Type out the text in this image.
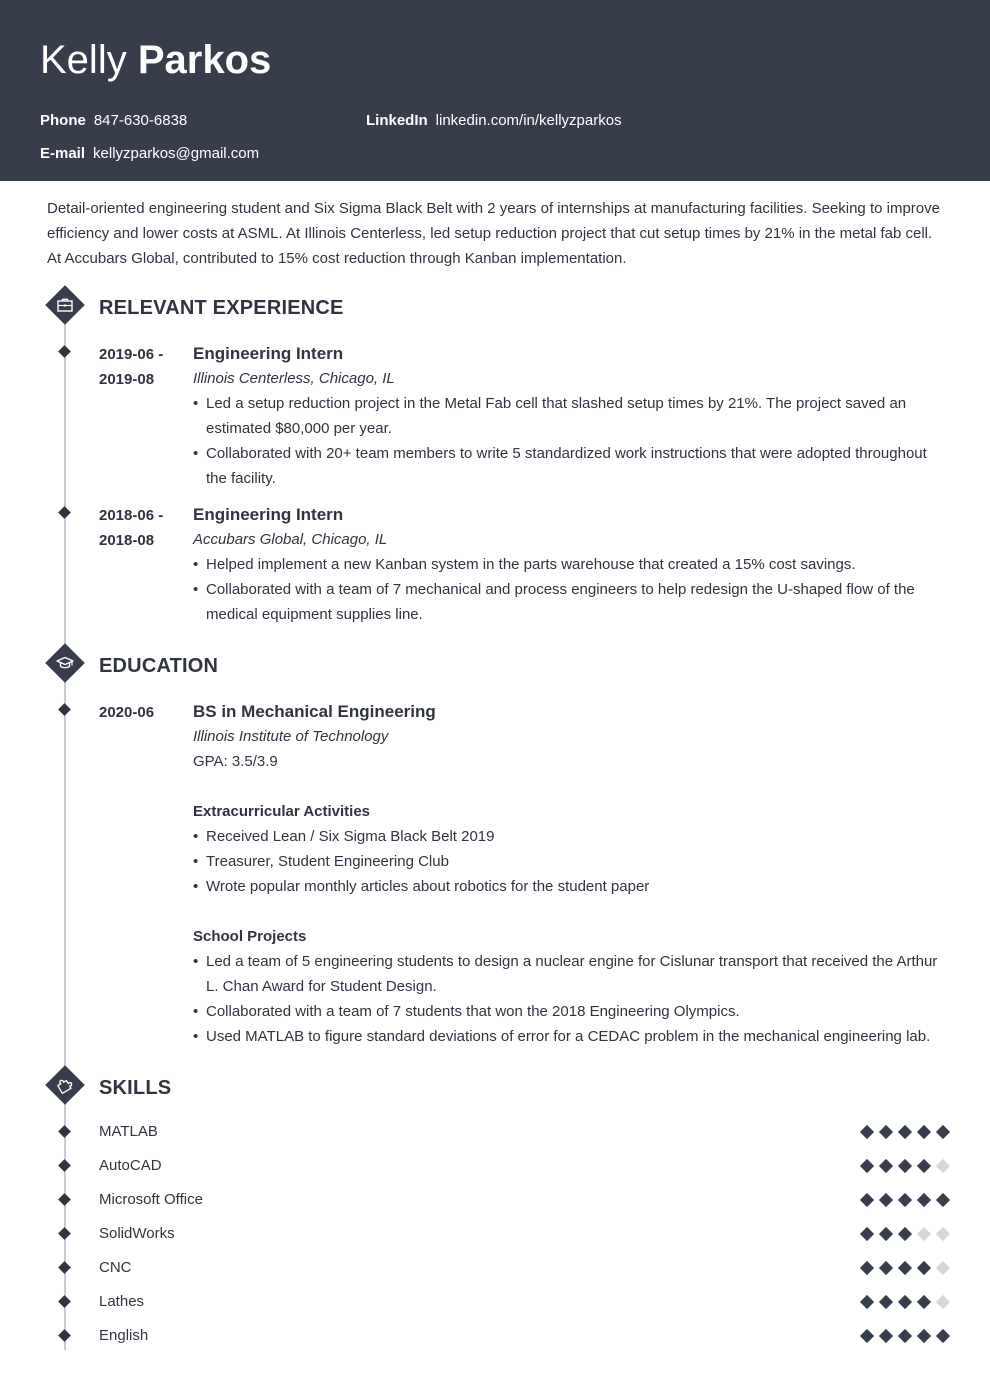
Kelly Parkos
Phone 847-630-6838	LinkedIn linkedin.com/in/kellyzparkos
E-mail kellyzparkos@gmail.com
Detail-oriented engineering student and Six Sigma Black Belt with 2 years of internships at manufacturing facilities. Seeking to improve efficiency and lower costs at ASML. At Illinois Centerless, led setup reduction project that cut setup times by 21% in the metal fab cell. At Accubars Global, contributed to 15% cost reduction through Kanban implementation.
RELEVANT EXPERIENCE
2019-06 -
2019-08
Engineering Intern
Illinois Centerless, Chicago, IL
• Led a setup reduction project in the Metal Fab cell that slashed setup times by 21%. The project saved an estimated $80,000 per year.
• Collaborated with 20+ team members to write 5 standardized work instructions that were adopted throughout the facility.
2018-06 -
2018-08
Engineering Intern
Accubars Global, Chicago, IL
• Helped implement a new Kanban system in the parts warehouse that created a 15% cost savings.
• Collaborated with a team of 7 mechanical and process engineers to help redesign the U-shaped flow of the medical equipment supplies line.
EDUCATION
2020-06	BS in Mechanical Engineering
Illinois Institute of Technology
GPA: 3.5/3.9
Extracurricular Activities
• Received Lean / Six Sigma Black Belt 2019
• Treasurer, Student Engineering Club
• Wrote popular monthly articles about robotics for the student paper
School Projects
• Led a team of 5 engineering students to design a nuclear engine for Cislunar transport that received the Arthur L. Chan Award for Student Design.
• Collaborated with a team of 7 students that won the 2018 Engineering Olympics.
• Used MATLAB to figure standard deviations of error for a CEDAC problem in the mechanical engineering lab.
SKILLS
MATLAB
AutoCAD
Microsoft Office
SolidWorks
CNC
Lathes
English
